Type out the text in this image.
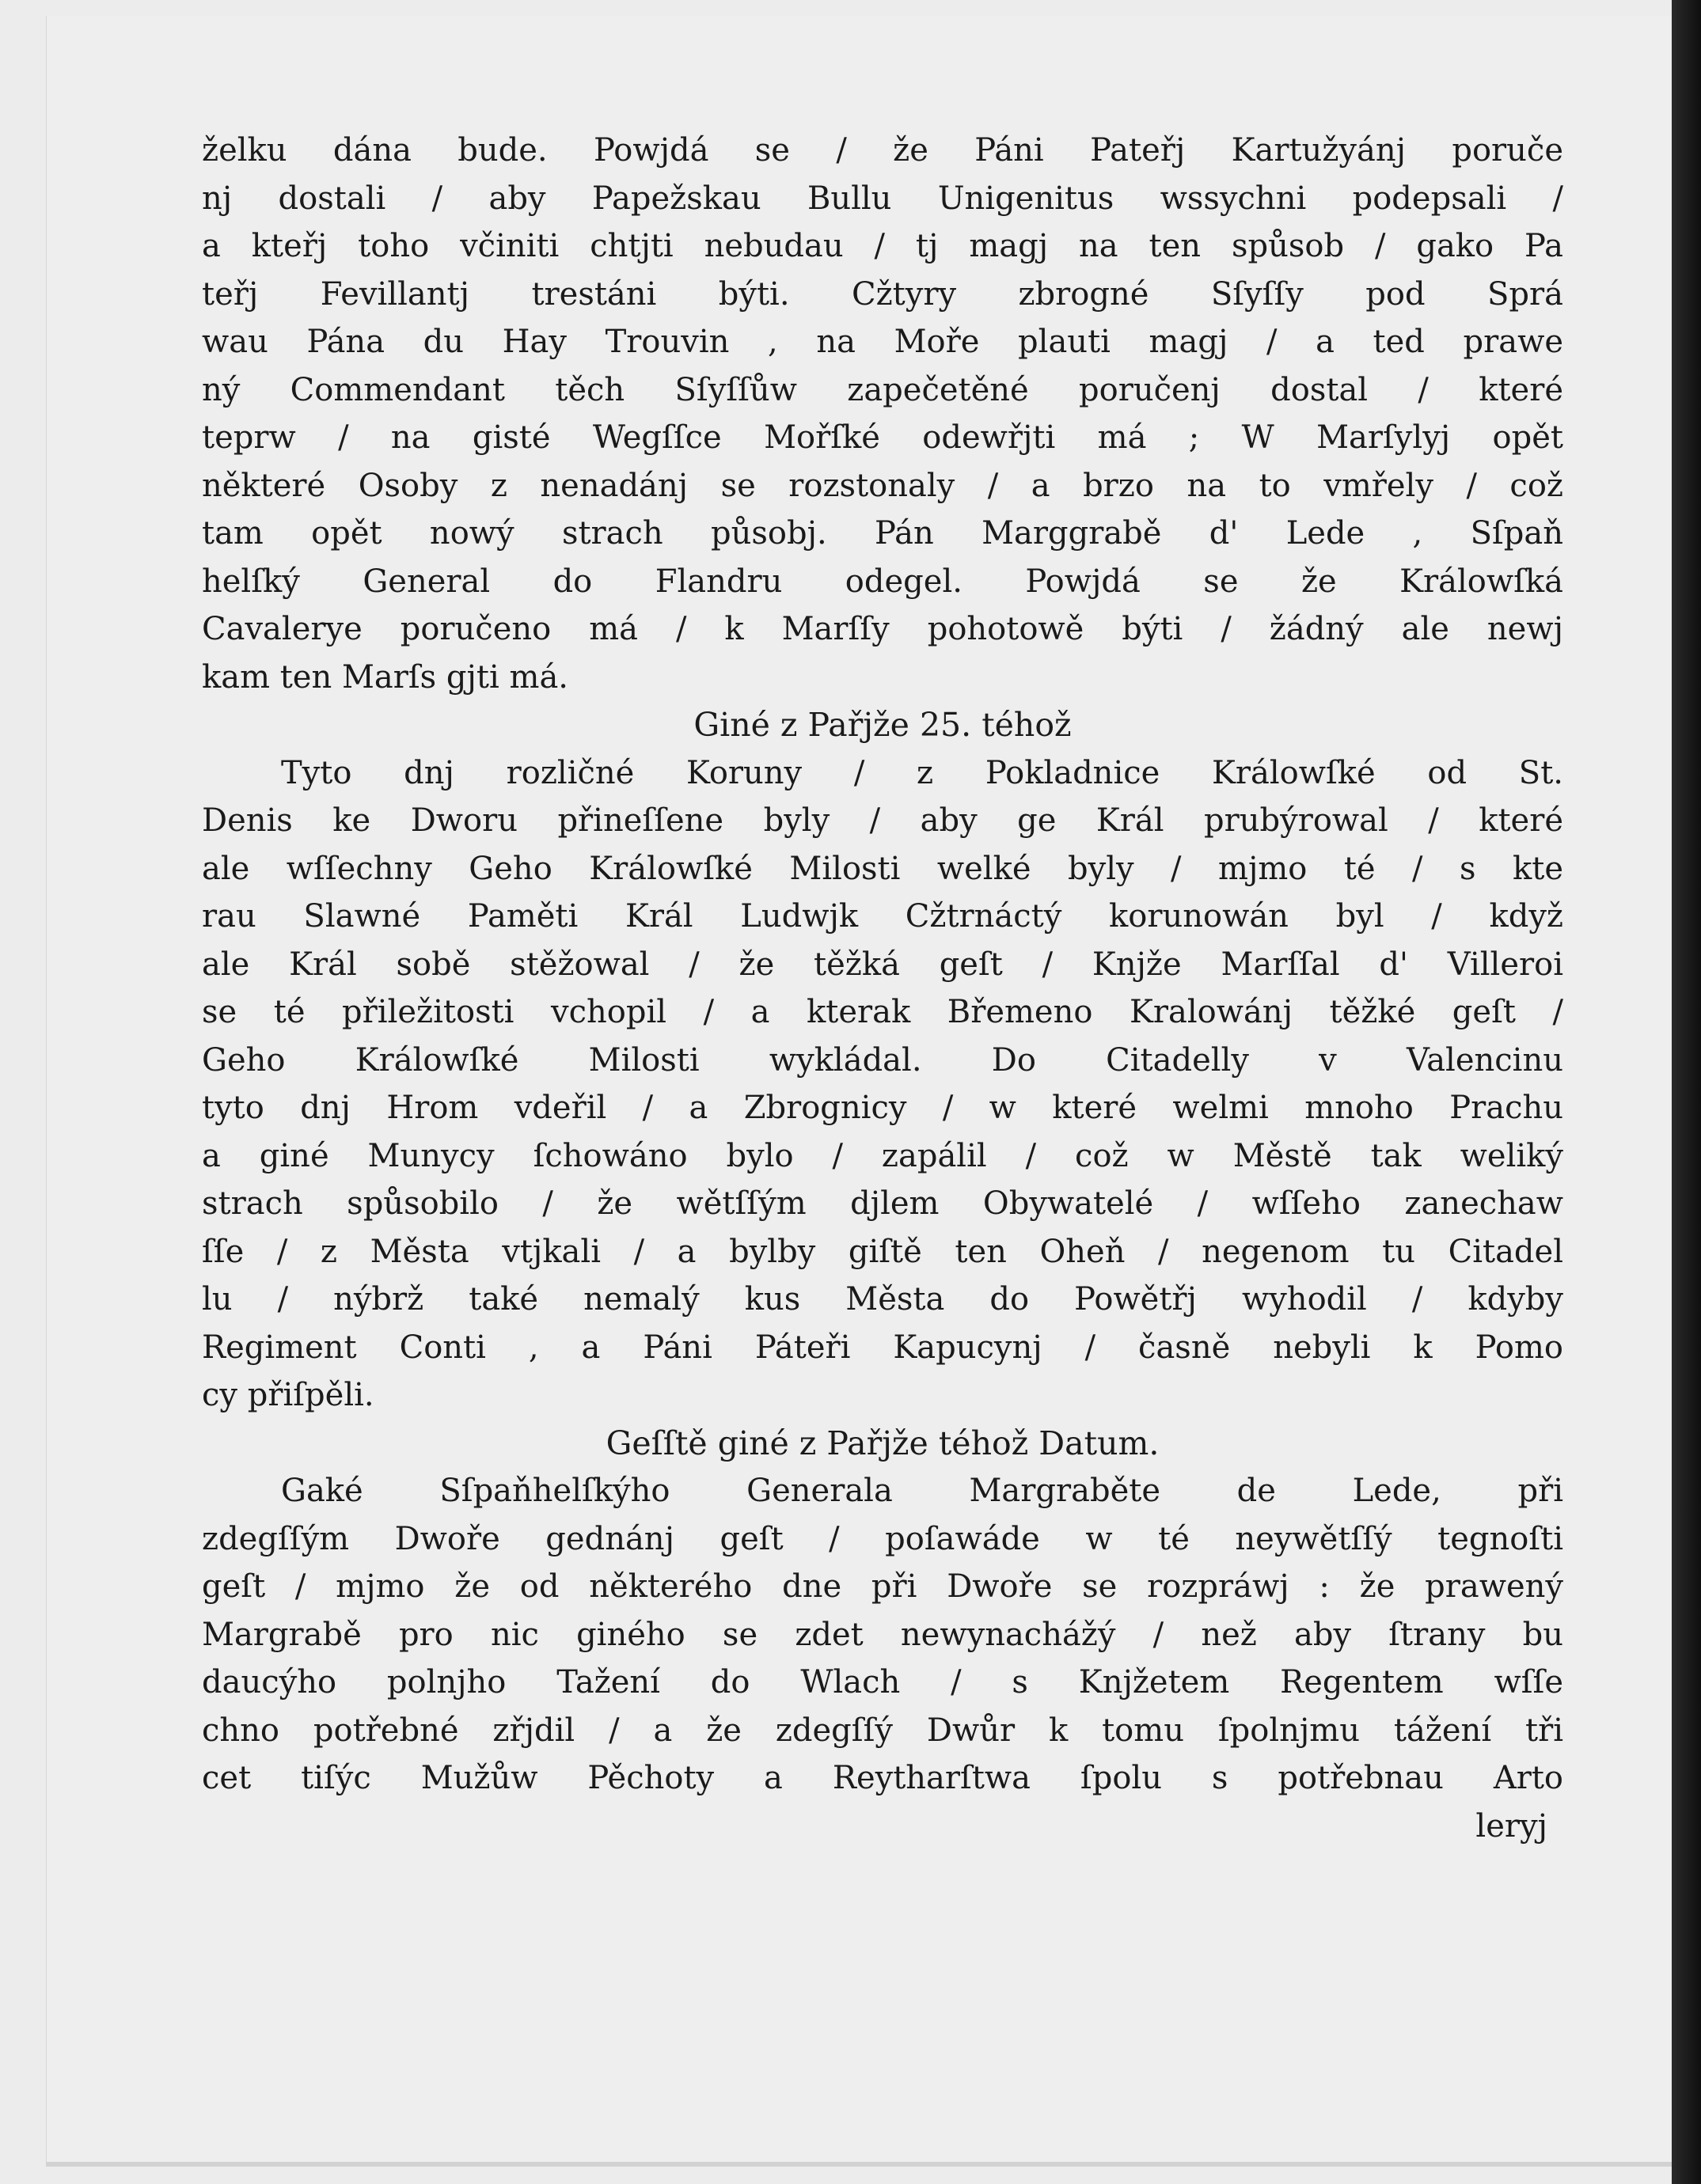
želku dána bude. Powjdá se / že Páni Pateřj Kartužyánj poruče
nj dostali / aby Papežskau Bullu Unigenitus wssychni podepsali /
a kteřj toho včiniti chtjti nebudau / tj magj na ten spůsob / gako Pa
teřj Fevillantj trestáni býti. Cžtyry zbrogné Sſyſſy pod Sprá
wau Pána du Hay Trouvin , na Moře plauti magj / a ted prawe
ný Commendant těch Sſyſſůw zapečetěné poručenj dostal / které
teprw / na gisté Wegſſce Mořſké odewřjti má ; W Marſylyj opět
některé Osoby z nenadánj se rozstonaly / a brzo na to vmřely / což
tam opět nowý strach působj. Pán Marggrabě d' Lede , Sſpaň
helſký General do Flandru odegel. Powjdá se že Králowſká
Cavalerye poručeno má / k Marſſy pohotowě býti / žádný ale newj
kam ten Marſs gjti má.
Giné z Pařjže 25. téhož
Tyto dnj rozličné Koruny / z Pokladnice Králowſké od St.
Denis ke Dworu přineſſene byly / aby ge Král prubýrowal / které
ale wſſechny Geho Králowſké Milosti welké byly / mjmo té / s kte
rau Slawné Paměti Král Ludwjk Cžtrnáctý korunowán byl / když
ale Král sobě stěžowal / že těžká geſt / Knjže Marſſal d' Villeroi
se té přiležitosti vchopil / a kterak Břemeno Kralowánj těžké geſt /
Geho Králowſké Milosti wykládal. Do Citadelly v Valencinu
tyto dnj Hrom vdeřil / a Zbrognicy / w které welmi mnoho Prachu
a giné Munycy ſchowáno bylo / zapálil / což w Městě tak weliký
strach spůsobilo / že wětſſým djlem Obywatelé / wſſeho zanechaw
ſſe / z Města vtjkali / a bylby giſtě ten Oheň / negenom tu Citadel
lu / nýbrž také nemalý kus Města do Powětřj wyhodil / kdyby
Regiment Conti , a Páni Páteři Kapucynj / časně nebyli k Pomo
cy přiſpěli.
Geſſtě giné z Pařjže téhož Datum.
Gaké Sſpaňhelſkýho Generala Margraběte de Lede, při
zdegſſým Dwoře gednánj geſt / poſawáde w té neywětſſý tegnoſti
geſt / mjmo že od některého dne při Dwoře se rozpráwj : že prawený
Margrabě pro nic giného se zdet newynachážý / než aby ſtrany bu
daucýho polnjho Tažení do Wlach / s Knjžetem Regentem wſſe
chno potřebné zřjdil / a že zdegſſý Dwůr k tomu ſpolnjmu tážení tři
cet tiſýc Mužůw Pěchoty a Reytharſtwa ſpolu s potřebnau Arto
leryj
